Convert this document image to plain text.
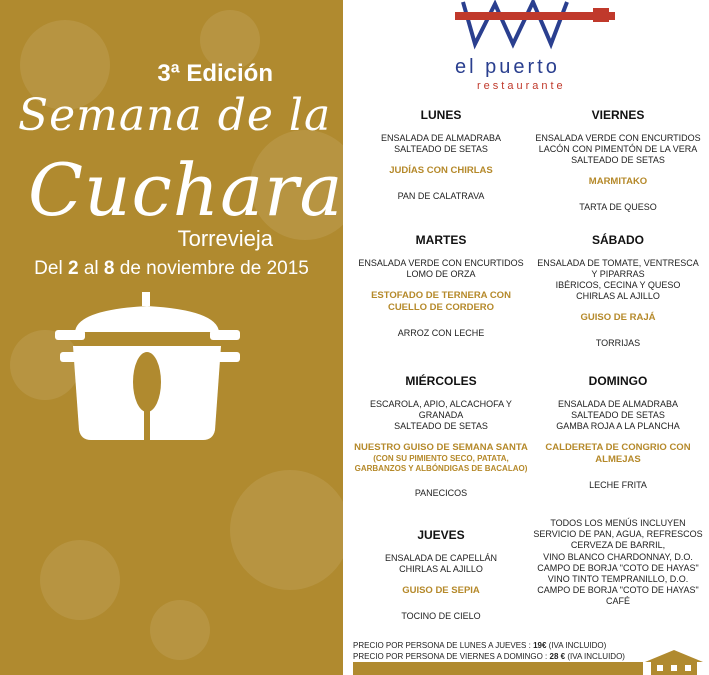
3ª Edición
Semana de la
Cuchara
Torrevieja
Del 2 al 8 de noviembre de 2015
el puerto
restaurante
LUNES
ENSALADA DE ALMADRABA
SALTEADO DE SETAS
JUDÍAS CON CHIRLAS
PAN DE CALATRAVA
VIERNES
ENSALADA VERDE CON ENCURTIDOS
LACÓN CON PIMENTÓN DE LA VERA
SALTEADO DE SETAS
MARMITAKO
TARTA DE QUESO
MARTES
ENSALADA VERDE CON ENCURTIDOS
LOMO DE ORZA
ESTOFADO DE TERNERA CON
CUELLO DE CORDERO
ARROZ CON LECHE
SÁBADO
ENSALADA DE TOMATE, VENTRESCA
Y PIPARRAS
IBÉRICOS, CECINA Y QUESO
CHIRLAS AL AJILLO
GUISO DE RAJÁ
TORRIJAS
MIÉRCOLES
ESCAROLA, APIO, ALCACHOFA Y
GRANADA
SALTEADO DE SETAS
NUESTRO GUISO DE SEMANA SANTA
(CON SU PIMIENTO SECO, PATATA,
GARBANZOS Y ALBÓNDIGAS DE BACALAO)
PANECICOS
DOMINGO
ENSALADA DE ALMADRABA
SALTEADO DE SETAS
GAMBA ROJA A LA PLANCHA
CALDERETA DE CONGRIO CON
ALMEJAS
LECHE FRITA
JUEVES
ENSALADA DE CAPELLÁN
CHIRLAS AL AJILLO
GUISO DE SEPIA
TOCINO DE CIELO
TODOS LOS MENÚS INCLUYEN
SERVICIO DE PAN, AGUA, REFRESCOS
CERVEZA DE BARRIL,
VINO BLANCO CHARDONNAY, D.O.
CAMPO DE BORJA "COTO DE HAYAS"
VINO TINTO TEMPRANILLO, D.O.
CAMPO DE BORJA "COTO DE HAYAS"
CAFÉ
PRECIO POR PERSONA DE LUNES A JUEVES : 19€ (IVA INCLUIDO)
PRECIO POR PERSONA DE VIERNES A DOMINGO : 28 € (IVA INCLUIDO)
